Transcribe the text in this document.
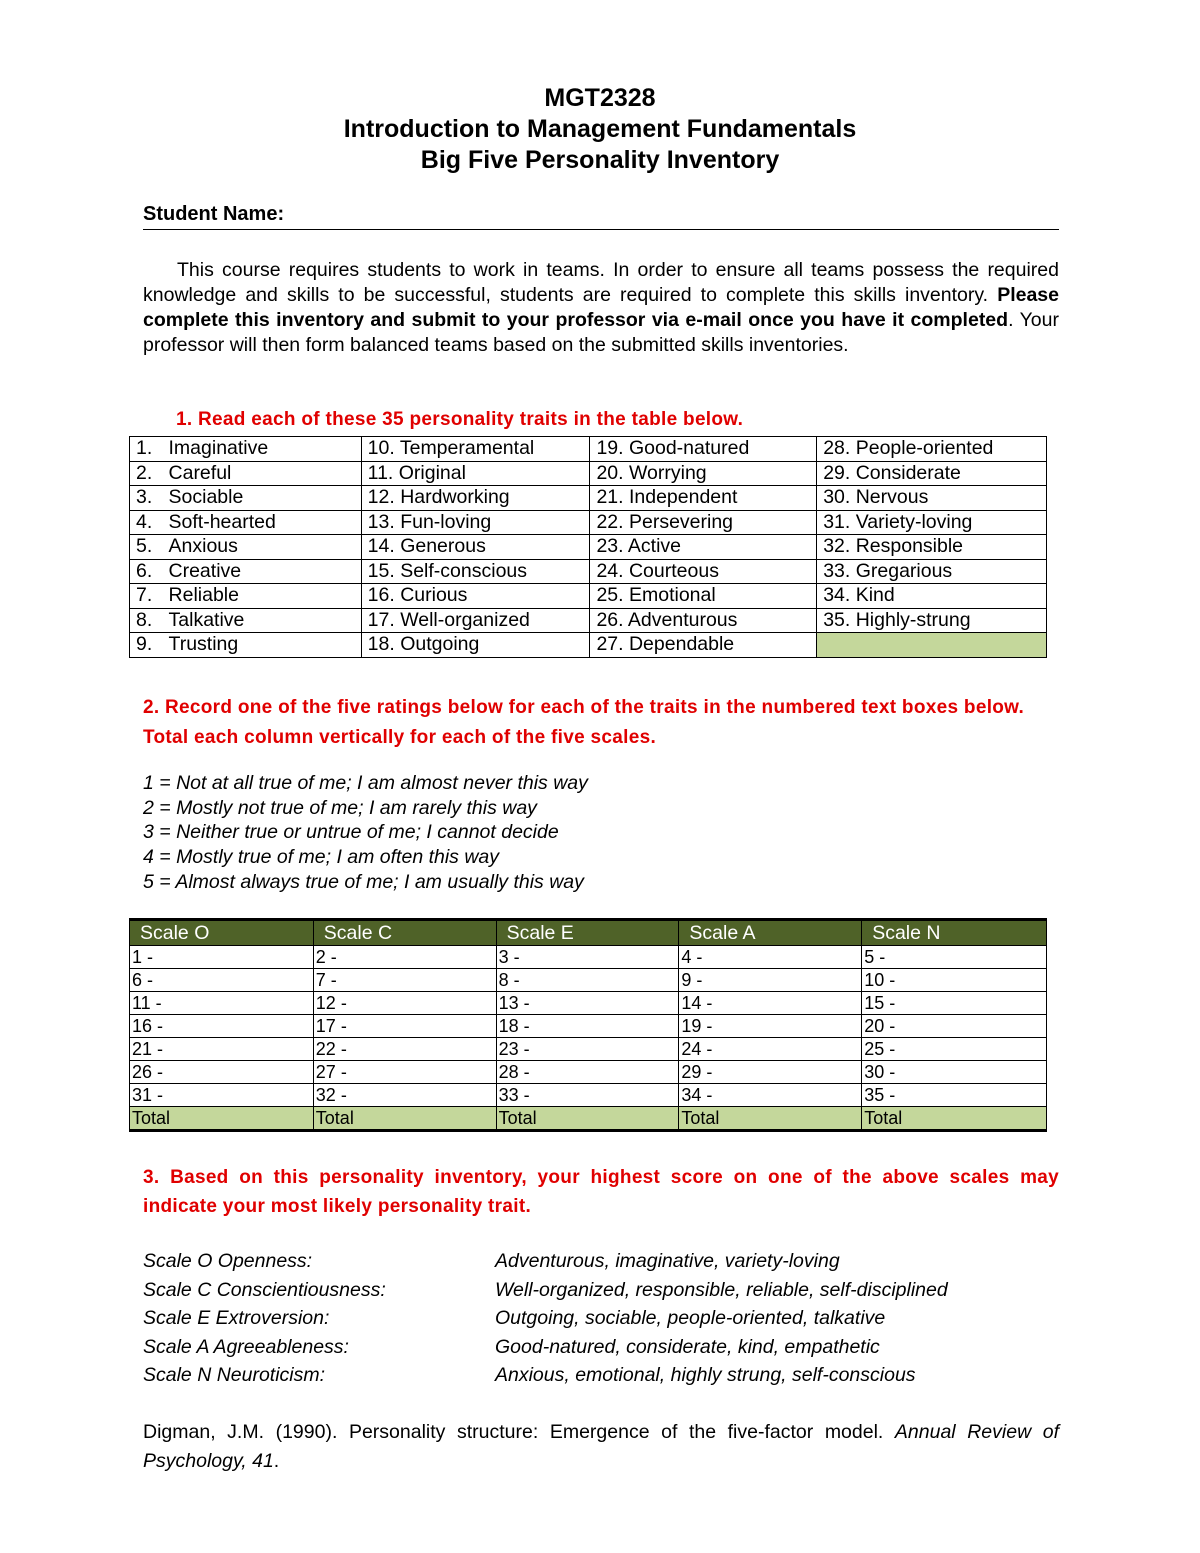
MGT2328
Introduction to Management Fundamentals
Big Five Personality Inventory
Student Name:
This course requires students to work in teams. In order to ensure all teams possess the required knowledge and skills to be successful, students are required to complete this skills inventory. Please complete this inventory and submit to your professor via e-mail once you have it completed. Your professor will then form balanced teams based on the submitted skills inventories.
1. Read each of these 35 personality traits in the table below.
1.   Imaginative	10. Temperamental	19. Good-natured	28. People-oriented
2.   Careful	11. Original	20. Worrying	29. Considerate
3.   Sociable	12. Hardworking	21. Independent	30. Nervous
4.   Soft-hearted	13. Fun-loving	22. Persevering	31. Variety-loving
5.   Anxious	14. Generous	23. Active	32. Responsible
6.   Creative	15. Self-conscious	24. Courteous	33. Gregarious
7.   Reliable	16. Curious	25. Emotional	34. Kind
8.   Talkative	17. Well-organized	26. Adventurous	35. Highly-strung
9.   Trusting	18. Outgoing	27. Dependable	
2. Record one of the five ratings below for each of the traits in the numbered text boxes below. Total each column vertically for each of the five scales.
1 = Not at all true of me; I am almost never this way
2 = Mostly not true of me; I am rarely this way
3 = Neither true or untrue of me; I cannot decide
4 = Mostly true of me; I am often this way
5 = Almost always true of me; I am usually this way
Scale O	Scale C	Scale E	Scale A	Scale N
1 -	2 -	3 -	4 -	5 -
6 -	7 -	8 -	9 -	10 -
11 -	12 -	13 -	14 -	15 -
16 -	17 -	18 -	19 -	20 -
21 -	22 -	23 -	24 -	25 -
26 -	27 -	28 -	29 -	30 -
31 -	32 -	33 -	34 -	35 -
Total	Total	Total	Total	Total
3. Based on this personality inventory, your highest score on one of the above scales may indicate your most likely personality trait.
Scale O Openness:	Adventurous, imaginative, variety-loving
Scale C Conscientiousness:	Well-organized, responsible, reliable, self-disciplined
Scale E Extroversion:	Outgoing, sociable, people-oriented, talkative
Scale A Agreeableness:	Good-natured, considerate, kind, empathetic
Scale N Neuroticism:	Anxious, emotional, highly strung, self-conscious
Digman, J.M. (1990). Personality structure: Emergence of the five-factor model. Annual Review of Psychology, 41.
